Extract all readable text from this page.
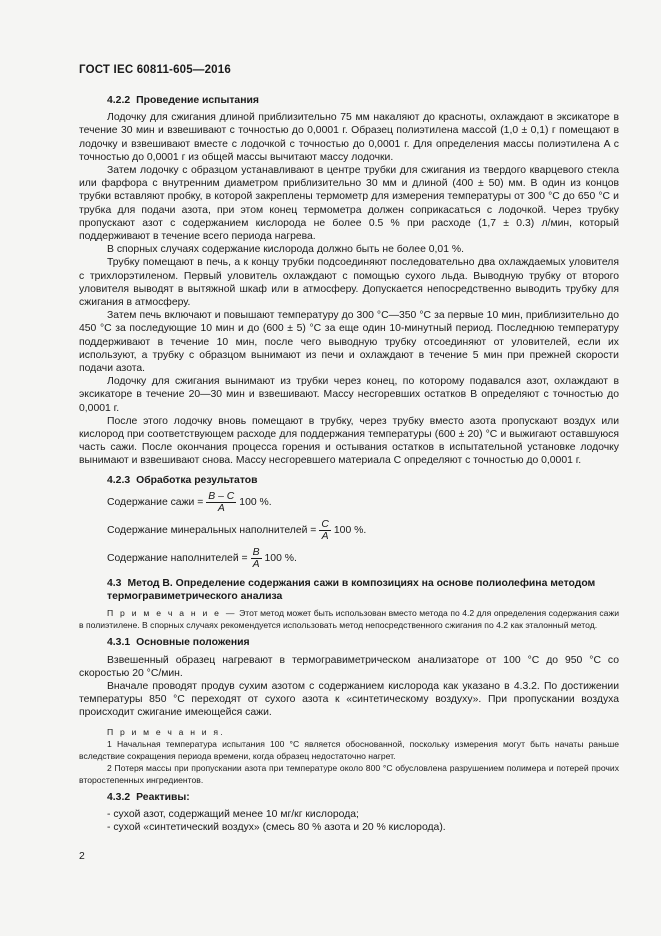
ГОСТ IEC 60811-605—2016
4.2.2 Проведение испытания

Лодочку для сжигания длиной приблизительно 75 мм накаляют до красноты, охлаждают в эксикаторе в течение 30 мин и взвешивают с точностью до 0,0001 г. Образец полиэтилена массой (1,0 ± 0,1) г помещают в лодочку и взвешивают вместе с лодочкой с точностью до 0,0001 г. Для определения массы полиэтилена A с точностью до 0,0001 г из общей массы вычитают массу лодочки.

Затем лодочку с образцом устанавливают в центре трубки для сжигания из твердого кварцевого стекла или фарфора с внутренним диаметром приблизительно 30 мм и длиной (400 ± 50) мм. В один из концов трубки вставляют пробку, в которой закреплены термометр для измерения температуры от 300 °С до 650 °С и трубка для подачи азота, при этом конец термометра должен соприкасаться с лодочкой. Через трубку пропускают азот с содержанием кислорода не более 0.5 % при расходе (1,7 ± 0.3) л/мин, который поддерживают в течение всего периода нагрева.

В спорных случаях содержание кислорода должно быть не более 0,01 %.

Трубку помещают в печь, а к концу трубки подсоединяют последовательно два охлаждаемых уловителя с трихлорэтиленом. Первый уловитель охлаждают с помощью сухого льда. Выводную трубку от второго уловителя выводят в вытяжной шкаф или в атмосферу. Допускается непосредственно выводить трубку для сжигания в атмосферу.

Затем печь включают и повышают температуру до 300 °С—350 °С за первые 10 мин, приблизительно до 450 °С за последующие 10 мин и до (600 ± 5) °С за еще один 10-минутный период. Последнюю температуру поддерживают в течение 10 мин, после чего выводную трубку отсоединяют от уловителей, если их используют, а трубку с образцом вынимают из печи и охлаждают в течение 5 мин при прежней скорости подачи азота.

Лодочку для сжигания вынимают из трубки через конец, по которому подавался азот, охлаждают в эксикаторе в течение 20—30 мин и взвешивают. Массу несгоревших остатков B определяют с точностью до 0,0001 г.

После этого лодочку вновь помещают в трубку, через трубку вместо азота пропускают воздух или кислород при соответствующем расходе для поддержания температуры (600 ± 20) °С и выжигают оставшуюся часть сажи. После окончания процесса горения и остывания остатков в испытательной установке лодочку вынимают и взвешивают снова. Массу несгоревшего материала C определяют с точностью до 0,0001 г.

4.2.3 Обработка результатов
Содержание сажи = $\frac{B - C}{A} 100$ %.
Содержание минеральных наполнителей = $\frac{C}{A} 100$ %.
Содержание наполнителей = $\frac{B}{A} 100$ %.
4.3 Метод В. Определение содержания сажи в композициях на основе полиолефина методом термогравиметрического анализа

П р и м е ч а н и е — Этот метод может быть использован вместо метода по 4.2 для определения содержания сажи в полиэтилене. В спорных случаях рекомендуется использовать метод непосредственного сжигания по 4.2 как эталонный метод.

4.3.1 Основные положения

Взвешенный образец нагревают в термогравиметрическом анализаторе от 100 °С до 950 °С со скоростью 20 °С/мин.

Вначале проводят продув сухим азотом с содержанием кислорода как указано в 4.3.2. По достижении температуры 850 °С переходят от сухого азота к «синтетическому воздуху». При пропускании воздуха происходит сжигание имеющейся сажи.

П р и м е ч а н и я.

1 Начальная температура испытания 100 °С является обоснованной, поскольку измерения могут быть начаты раньше вследствие сокращения периода времени, когда образец недостаточно нагрет.

2 Потеря массы при пропускании азота при температуре около 800 °С обусловлена разрушением полимера и потерей прочих второстепенных ингредиентов.

4.3.2 Реактивы:
- сухой азот, содержащий менее 10 мг/кг кислорода;
- сухой «синтетический воздух» (смесь 80 % азота и 20 % кислорода).
2
